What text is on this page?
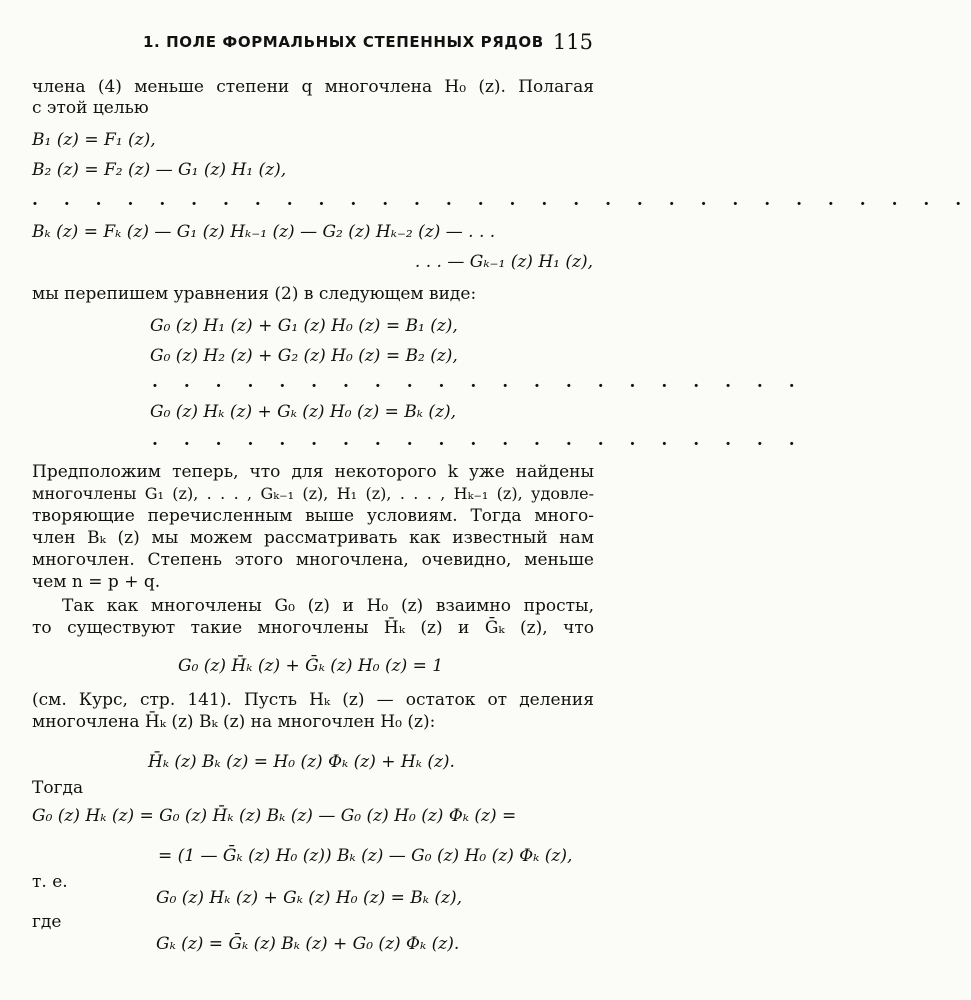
1. ПОЛЕ ФОРМАЛЬНЫХ СТЕПЕННЫХ РЯДОВ 115
члена (4) меньше степени q многочлена H₀ (z). Полагая
с этой целью
B₁ (z) = F₁ (z),
B₂ (z) = F₂ (z) — G₁ (z) H₁ (z),
. . . . . . . . . . . . . . . . . . . . . . . . . . . . . .
Bₖ (z) = Fₖ (z) — G₁ (z) Hₖ₋₁ (z) — G₂ (z) Hₖ₋₂ (z) — . . .
. . . — Gₖ₋₁ (z) H₁ (z),
мы перепишем уравнения (2) в следующем виде:
G₀ (z) H₁ (z) + G₁ (z) H₀ (z) = B₁ (z),
G₀ (z) H₂ (z) + G₂ (z) H₀ (z) = B₂ (z),
. . . . . . . . . . . . . . . . . . . . .
G₀ (z) Hₖ (z) + Gₖ (z) H₀ (z) = Bₖ (z),
. . . . . . . . . . . . . . . . . . . . .
Предположим теперь, что для некоторого k уже найдены
многочлены G₁ (z), . . . , Gₖ₋₁ (z), H₁ (z), . . . , Hₖ₋₁ (z), удовле-
творяющие перечисленным выше условиям. Тогда много-
член Bₖ (z) мы можем рассматривать как известный нам
многочлен. Степень этого многочлена, очевидно, меньше
чем n = p + q.
Так как многочлены G₀ (z) и H₀ (z) взаимно просты,
то существуют такие многочлены H̄ₖ (z) и Ḡₖ (z), что
G₀ (z) H̄ₖ (z) + Ḡₖ (z) H₀ (z) = 1
(см. Курс, стр. 141). Пусть Hₖ (z) — остаток от деления
многочлена H̄ₖ (z) Bₖ (z) на многочлен H₀ (z):
H̄ₖ (z) Bₖ (z) = H₀ (z) Φₖ (z) + Hₖ (z).
Тогда
G₀ (z) Hₖ (z) = G₀ (z) H̄ₖ (z) Bₖ (z) — G₀ (z) H₀ (z) Φₖ (z) =
= (1 — Ḡₖ (z) H₀ (z)) Bₖ (z) — G₀ (z) H₀ (z) Φₖ (z),
т. е.
G₀ (z) Hₖ (z) + Gₖ (z) H₀ (z) = Bₖ (z),
где
Gₖ (z) = Ḡₖ (z) Bₖ (z) + G₀ (z) Φₖ (z).
